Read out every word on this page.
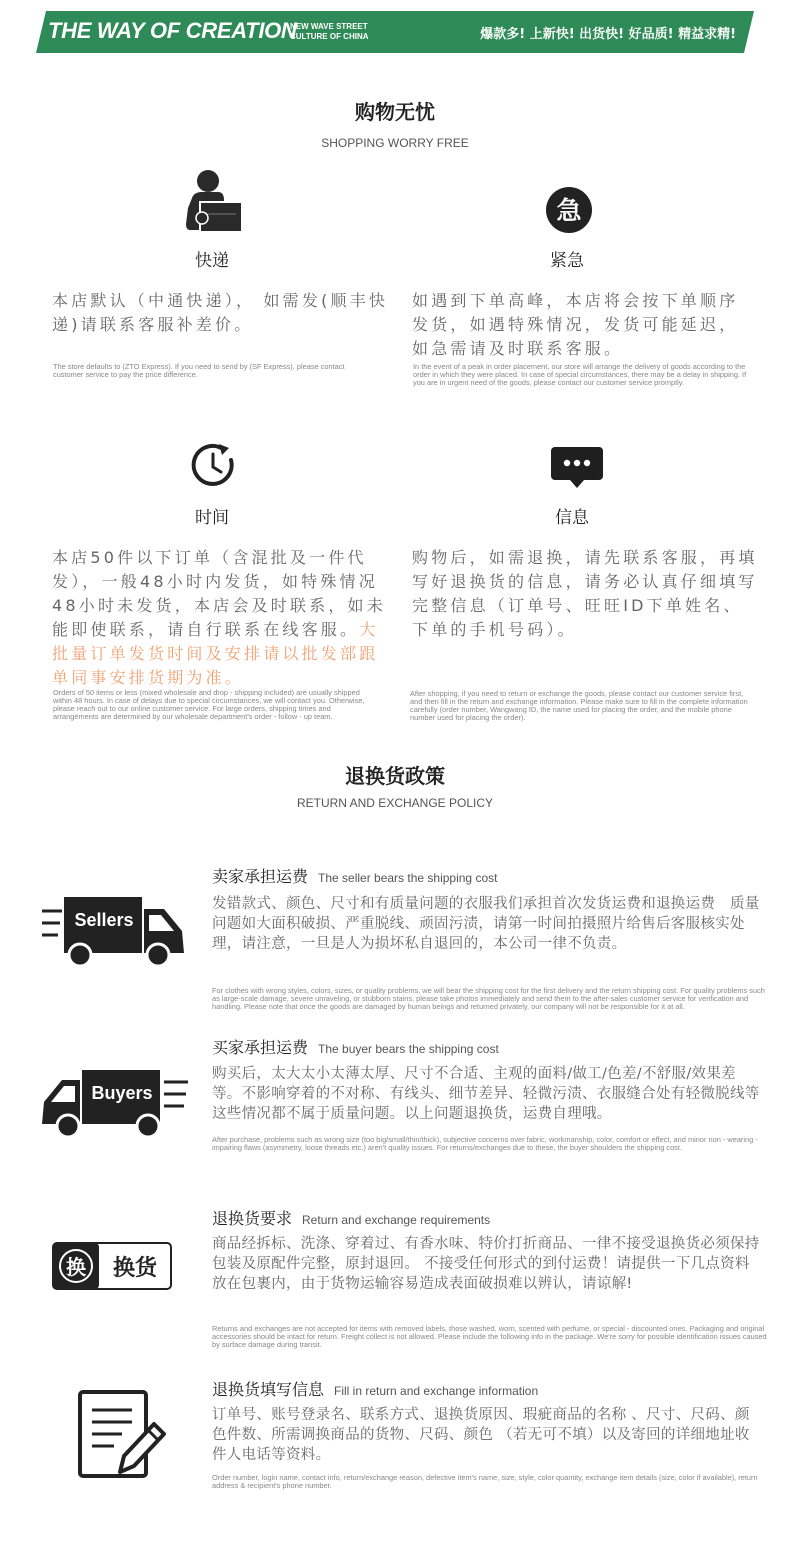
THE WAY OF CREATION
NEW WAVE STREET
CULTURE OF CHINA	爆款多! 上新快! 出货快! 好品质! 精益求精!
购物无忧
SHOPPING WORRY FREE
快递
本店默认（中通快递）， 如需发(顺丰快递)请联系客服补差价。
The store defaults to (ZTO Express). If you need to send by (SF Express), please contact customer service to pay the price difference.
急
紧急
如遇到下单高峰，本店将会按下单顺序发货，如遇特殊情况，发货可能延迟，如急需请及时联系客服。
In the event of a peak in order placement, our store will arrange the delivery of goods according to the order in which they were placed. In case of special circumstances, there may be a delay in shipping. If you are in urgent need of the goods, please contact our customer service promptly.
时间
本店50件以下订单（含混批及一件代发），一般48小时内发货，如特殊情况48小时未发货，本店会及时联系，如未能即使联系，请自行联系在线客服。大批量订单发货时间及安排请以批发部跟单同事安排货期为准。
Orders of 50 items or less (mixed wholesale and drop - shipping included) are usually shipped within 48 hours. In case of delays due to special circumstances, we will contact you. Otherwise, please reach out to our online customer service. For large orders, shipping times and arrangements are determined by our wholesale department's order - follow - up team.
信息
购物后，如需退换，请先联系客服，再填写好退换货的信息，请务必认真仔细填写完整信息（订单号、旺旺ID下单姓名、下单的手机号码）。
After shopping, if you need to return or exchange the goods, please contact our customer service first, and then fill in the return and exchange information. Please make sure to fill in the complete information carefully (order number, Wangwang ID, the name used for placing the order, and the mobile phone number used for placing the order).
退换货政策
RETURN AND EXCHANGE POLICY
Sellers
卖家承担运费 The seller bears the shipping cost
发错款式、颜色、尺寸和有质量问题的衣服我们承担首次发货运费和退换运费　质量问题如大面积破损、严重脱线、顽固污渍，请第一时间拍摄照片给售后客服核实处理，请注意，一旦是人为损坏私自退回的，本公司一律不负责。
For clothes with wrong styles, colors, sizes, or quality problems, we will bear the shipping cost for the first delivery and the return shipping cost. For quality problems such as large-scale damage, severe unraveling, or stubborn stains, please take photos immediately and send them to the after-sales customer service for verification and handling. Please note that once the goods are damaged by human beings and returned privately, our company will not be responsible for it at all.
Buyers
买家承担运费 The buyer bears the shipping cost
购买后，太大太小太薄太厚、尺寸不合适、主观的面料/做工/色差/不舒服/效果差等。不影响穿着的不对称、有线头、细节差异、轻微污渍、衣服缝合处有轻微脱线等这些情况都不属于质量问题。以上问题退换货，运费自理哦。
After purchase, problems such as wrong size (too big/small/thin/thick), subjective concerns over fabric, workmanship, color, comfort or effect, and minor non - wearing - impairing flaws (asymmetry, loose threads etc.) aren't quality issues. For returns/exchanges due to these, the buyer shoulders the shipping cost.
换 换货
退换货要求 Return and exchange requirements
商品经拆标、洗涤、穿着过、有香水味、特价打折商品、一律不接受退换货必须保持包装及原配件完整，原封退回。 不接受任何形式的到付运费！请提供一下几点资料放在包裹内，由于货物运输容易造成表面破损难以辨认，请谅解!
Returns and exchanges are not accepted for items with removed labels, those washed, worn, scented with perfume, or special - discounted ones. Packaging and original accessories should be intact for return. Freight collect is not allowed. Please include the following info in the package. We're sorry for possible identification issues caused by surface damage during transit.
退换货填写信息 Fill in return and exchange information
订单号、账号登录名、联系方式、退换货原因、瑕疵商品的名称 、尺寸、尺码、颜色件数、所需调换商品的货物、尺码、颜色 （若无可不填）以及寄回的详细地址收件人电话等资料。
Order number, login name, contact info, return/exchange reason, defective item's name, size, style, color quantity, exchange item details (size, color if available), return address & recipient's phone number.
